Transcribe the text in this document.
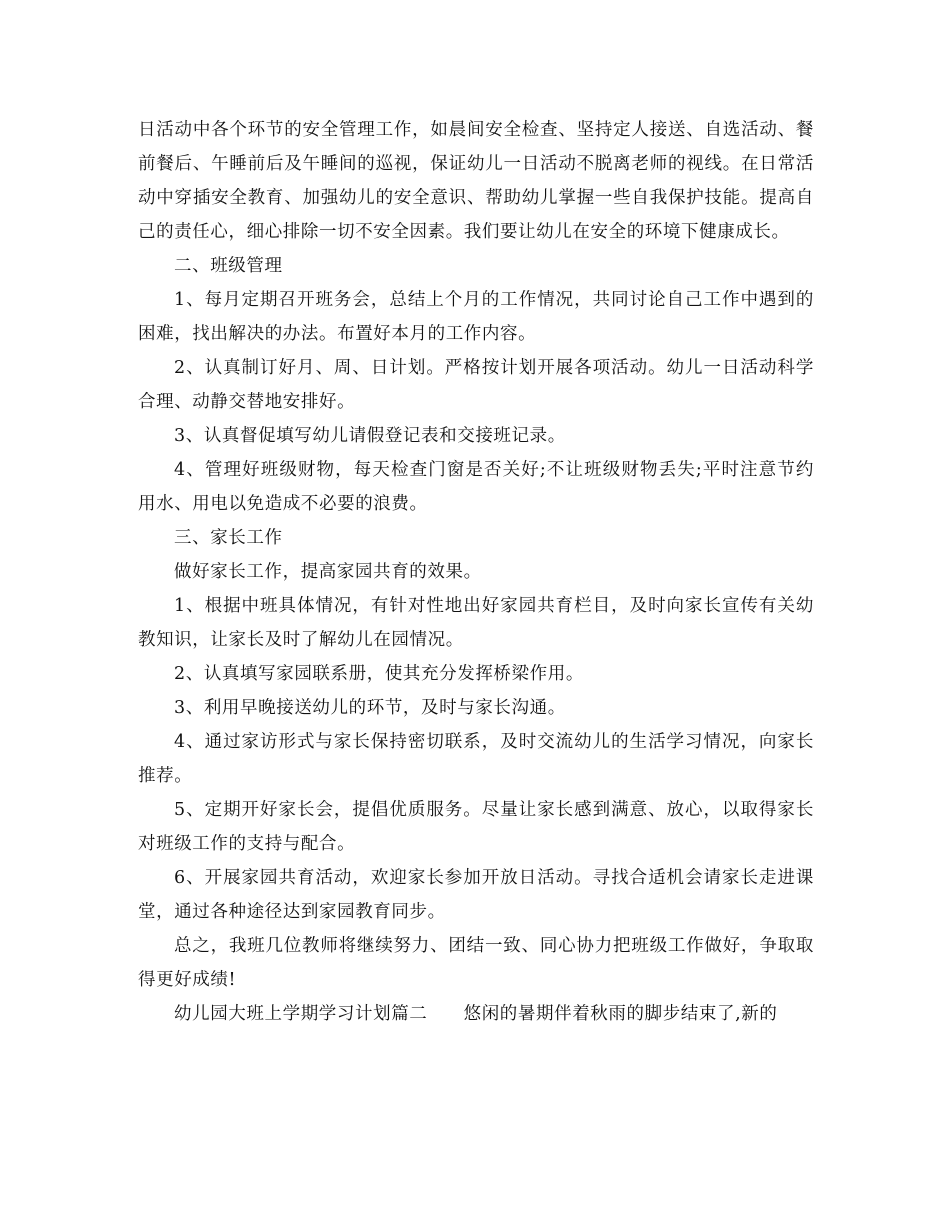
日活动中各个环节的安全管理工作，如晨间安全检查、坚持定人接送、自选活动、餐前餐后、午睡前后及午睡间的巡视，保证幼儿一日活动不脱离老师的视线。在日常活动中穿插安全教育、加强幼儿的安全意识、帮助幼儿掌握一些自我保护技能。提高自己的责任心，细心排除一切不安全因素。我们要让幼儿在安全的环境下健康成长。

二、班级管理

1、每月定期召开班务会，总结上个月的工作情况，共同讨论自己工作中遇到的困难，找出解决的办法。布置好本月的工作内容。

2、认真制订好月、周、日计划。严格按计划开展各项活动。幼儿一日活动科学合理、动静交替地安排好。

3、认真督促填写幼儿请假登记表和交接班记录。

4、管理好班级财物，每天检查门窗是否关好;不让班级财物丢失;平时注意节约用水、用电以免造成不必要的浪费。

三、家长工作

做好家长工作，提高家园共育的效果。

1、根据中班具体情况，有针对性地出好家园共育栏目，及时向家长宣传有关幼教知识，让家长及时了解幼儿在园情况。

2、认真填写家园联系册，使其充分发挥桥梁作用。

3、利用早晚接送幼儿的环节，及时与家长沟通。

4、通过家访形式与家长保持密切联系，及时交流幼儿的生活学习情况，向家长推荐。

5、定期开好家长会，提倡优质服务。尽量让家长感到满意、放心，以取得家长对班级工作的支持与配合。

6、开展家园共育活动，欢迎家长参加开放日活动。寻找合适机会请家长走进课堂，通过各种途径达到家园教育同步。

总之，我班几位教师将继续努力、团结一致、同心协力把班级工作做好，争取取得更好成绩!

幼儿园大班上学期学习计划篇二　　悠闲的暑期伴着秋雨的脚步结束了,新的
